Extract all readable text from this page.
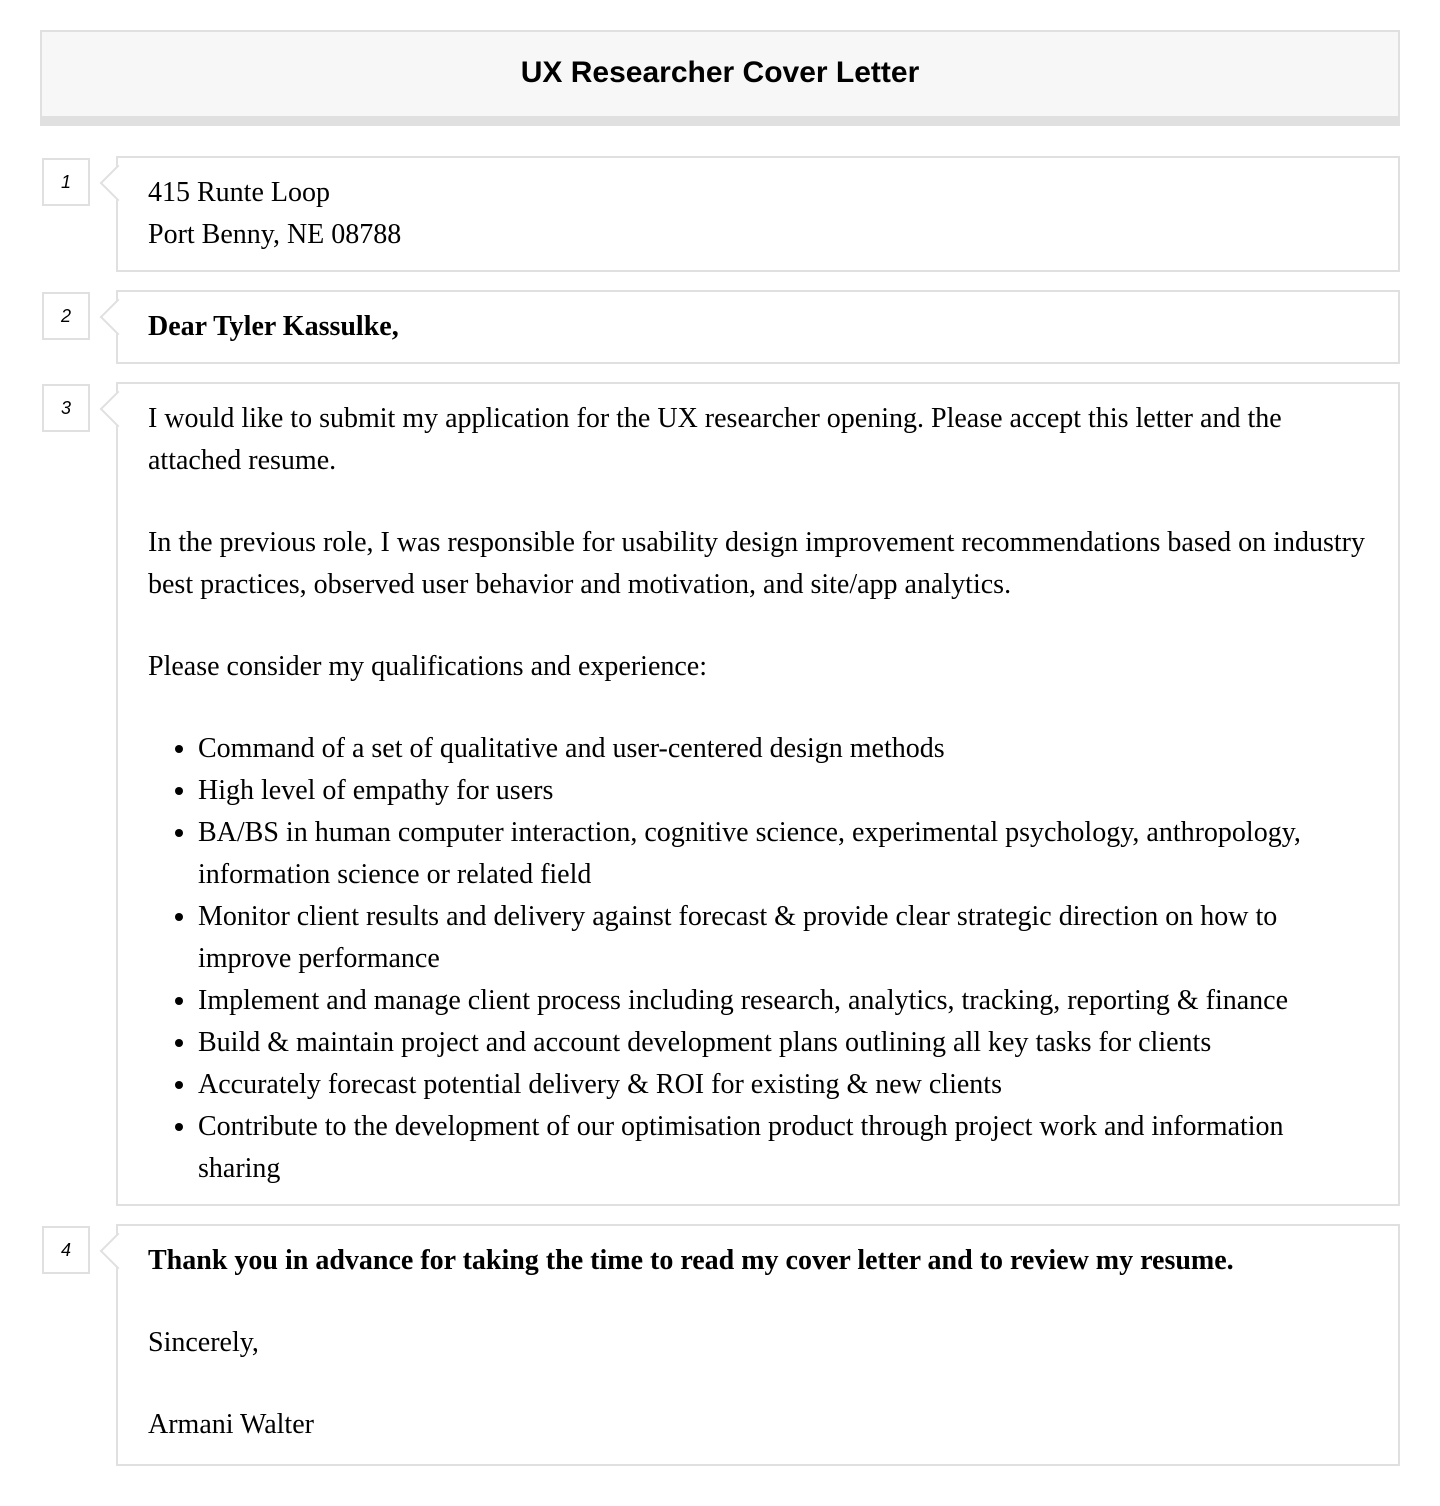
UX Researcher Cover Letter
1	415 Runte Loop

Port Benny, NE 08788

2	Dear Tyler Kassulke,

3	I would like to submit my application for the UX researcher opening. Please accept this letter and the attached resume.

In the previous role, I was responsible for usability design improvement recommendations based on industry best practices, observed user behavior and motivation, and site/app analytics.

Please consider my qualifications and experience:

• Command of a set of qualitative and user-centered design methods
• High level of empathy for users
• BA/BS in human computer interaction, cognitive science, experimental psychology, anthropology, information science or related field
• Monitor client results and delivery against forecast & provide clear strategic direction on how to improve performance
• Implement and manage client process including research, analytics, tracking, reporting & finance
• Build & maintain project and account development plans outlining all key tasks for clients
• Accurately forecast potential delivery & ROI for existing & new clients
• Contribute to the development of our optimisation product through project work and information sharing
4	Thank you in advance for taking the time to read my cover letter and to review my resume.

Sincerely,

Armani Walter
